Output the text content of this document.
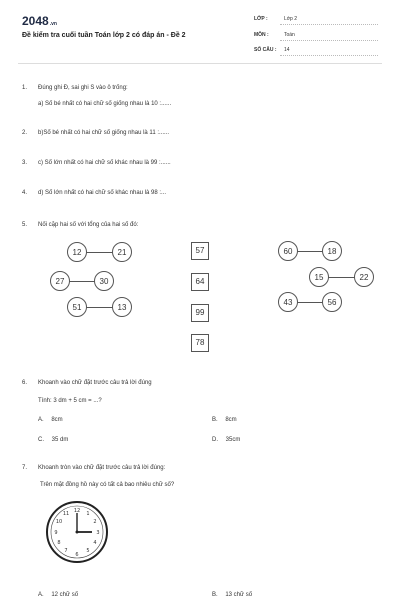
2048.vn
Đề kiểm tra cuối tuần Toán lớp 2 có đáp án - Đề 2
LỚP :	Lớp 2
MÔN :	Toán
SỐ CÂU : 14
1. Đúng ghi Đ, sai ghi S vào ô trống:
a) Số bé nhất có hai chữ số giống nhau là 10 :......
2. b)Số bé nhất có hai chữ số giống nhau là 11 :......
3. c) Số lớn nhất có hai chữ số khác nhau là 99 :......
4. d) Số lớn nhất có hai chữ số khác nhau là 98 :...
5. Nối cặp hai số với tổng của hai số đó:
12	21
27	30
51	13
57
64
99
78
60	18
15	22
43	56
6. Khoanh vào chữ đặt trước câu trả lời đúng
Tính: 3 dm + 5 cm = ...?
A. 8cm	B. 8cm
C. 35 dm	D. 35cm
7. Khoanh tròn vào chữ đặt trước câu trả lời đúng:
Trên mặt đồng hồ này có tất cả bao nhiêu chữ số?
12 1
2
3
4
5
6
7
8
9
10
11
A. 12 chữ số	B. 13 chữ số
